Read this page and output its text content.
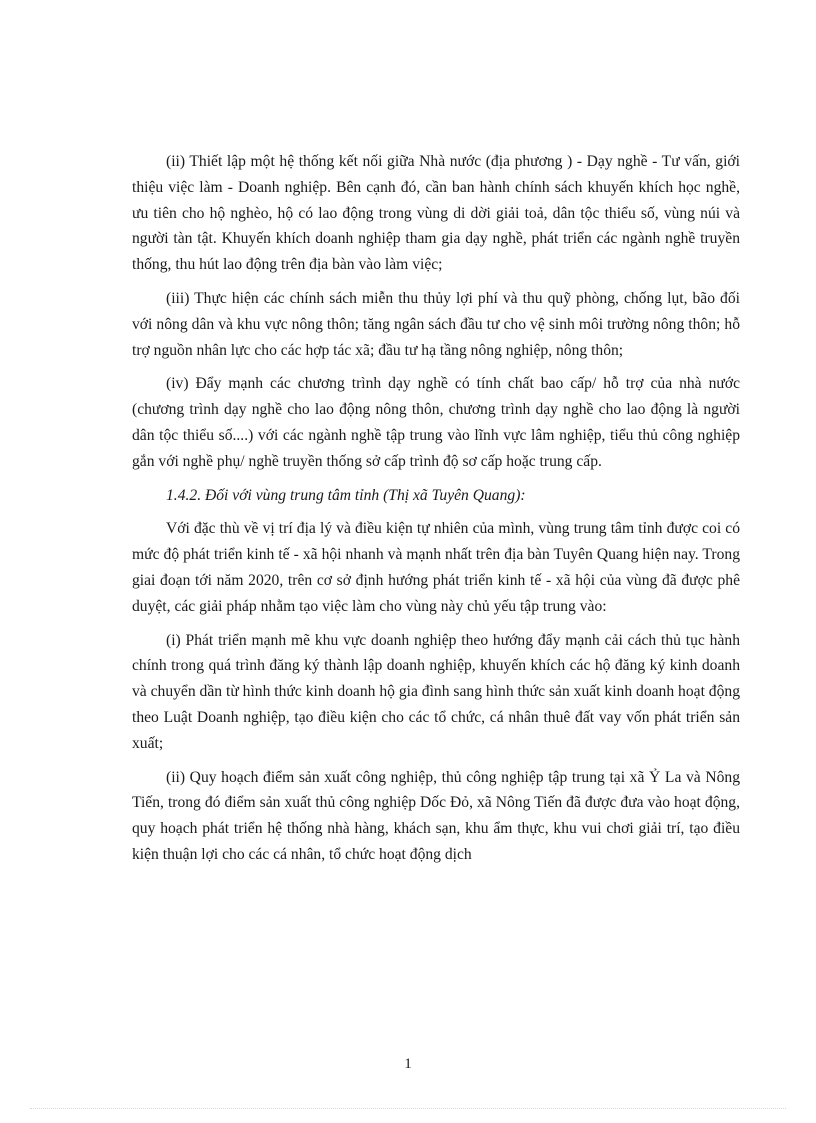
(ii) Thiết lập một hệ thống kết nối giữa Nhà nước (địa phương ) - Dạy nghề - Tư vấn, giới thiệu việc làm - Doanh nghiệp. Bên cạnh đó, cần ban hành chính sách khuyến khích học nghề, ưu tiên cho hộ nghèo, hộ có lao động trong vùng di dời giải toả, dân tộc thiểu số, vùng núi và người tàn tật. Khuyến khích doanh nghiệp tham gia dạy nghề, phát triển các ngành nghề truyền thống, thu hút lao động trên địa bàn vào làm việc;

(iii) Thực hiện các chính sách miễn thu thủy lợi phí và thu quỹ phòng, chống lụt, bão đối với nông dân và khu vực nông thôn; tăng ngân sách đầu tư cho vệ sinh môi trường nông thôn; hỗ trợ nguồn nhân lực cho các hợp tác xã; đầu tư hạ tầng nông nghiệp, nông thôn;

(iv) Đẩy mạnh các chương trình dạy nghề có tính chất bao cấp/ hỗ trợ của nhà nước (chương trình dạy nghề cho lao động nông thôn, chương trình dạy nghề cho lao động là người dân tộc thiểu số....) với các ngành nghề tập trung vào lĩnh vực lâm nghiệp, tiểu thủ công nghiệp gắn với nghề phụ/ nghề truyền thống sở cấp trình độ sơ cấp hoặc trung cấp.

1.4.2. Đối với vùng trung tâm tỉnh (Thị xã Tuyên Quang):

Với đặc thù về vị trí địa lý và điều kiện tự nhiên của mình, vùng trung tâm tỉnh được coi có mức độ phát triển kinh tế - xã hội nhanh và mạnh nhất trên địa bàn Tuyên Quang hiện nay. Trong giai đoạn tới năm 2020, trên cơ sở định hướng phát triển kinh tế - xã hội của vùng đã được phê duyệt, các giải pháp nhằm tạo việc làm cho vùng này chủ yếu tập trung vào:

(i) Phát triển mạnh mẽ khu vực doanh nghiệp theo hướng đẩy mạnh cải cách thủ tục hành chính trong quá trình đăng ký thành lập doanh nghiệp, khuyến khích các hộ đăng ký kinh doanh và chuyển dần từ hình thức kinh doanh hộ gia đình sang hình thức sản xuất kinh doanh hoạt động theo Luật Doanh nghiệp, tạo điều kiện cho các tổ chức, cá nhân thuê đất vay vốn phát triển sản xuất;

(ii) Quy hoạch điểm sản xuất công nghiệp, thủ công nghiệp tập trung tại xã Ỷ La và Nông Tiến, trong đó điểm sản xuất thủ công nghiệp Dốc Đỏ, xã Nông Tiến đã được đưa vào hoạt động, quy hoạch phát triển hệ thống nhà hàng, khách sạn, khu ẩm thực, khu vui chơi giải trí, tạo điều kiện thuận lợi cho các cá nhân, tổ chức hoạt động dịch

1
